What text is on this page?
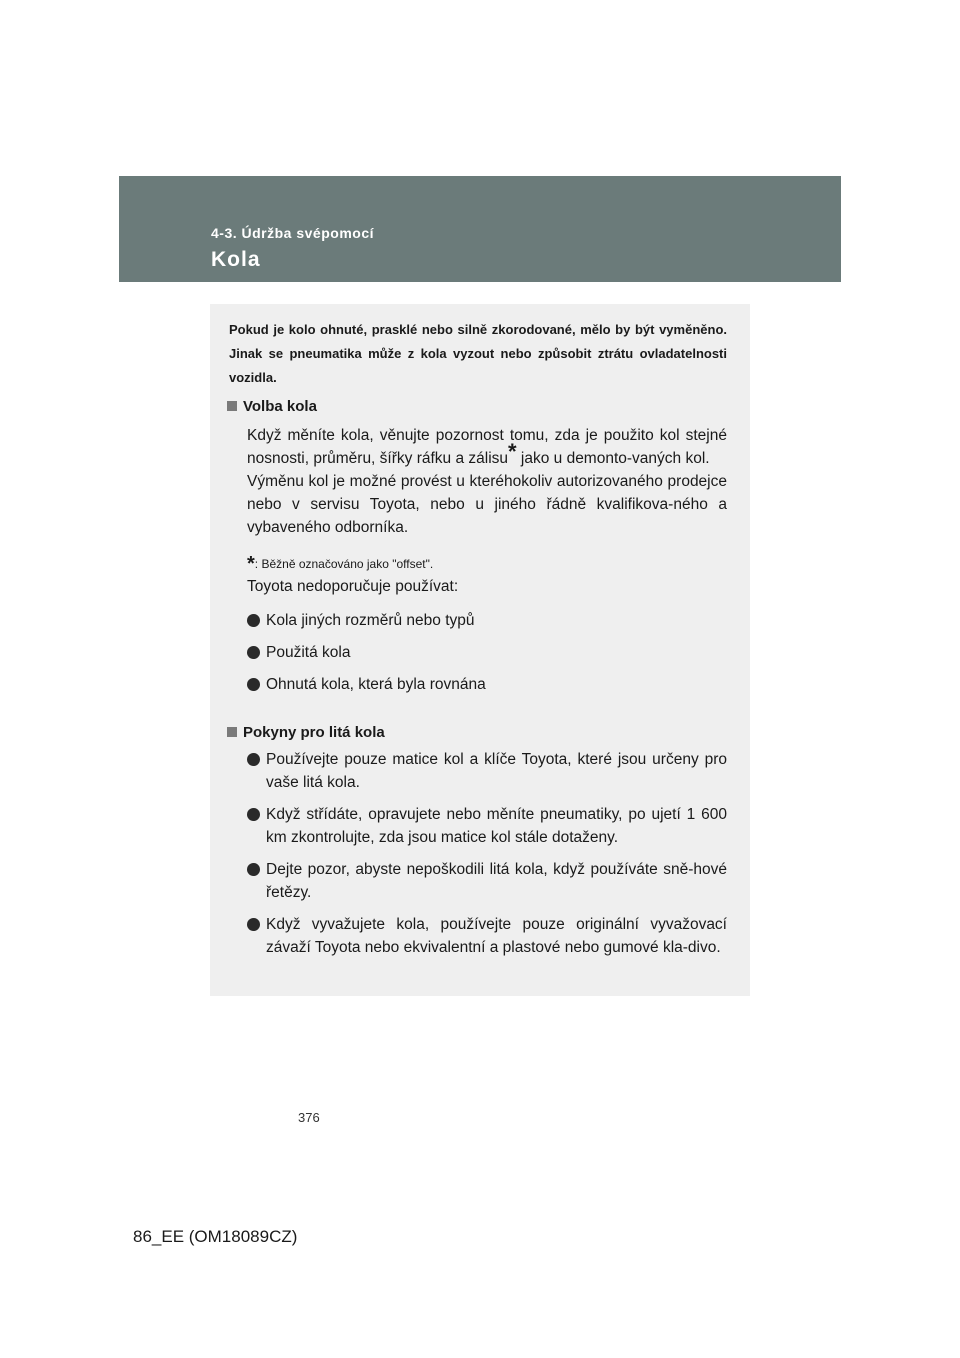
4-3. Údržba svépomocí
Kola
Pokud je kolo ohnuté, prasklé nebo silně zkorodované, mělo by být vyměněno. Jinak se pneumatika může z kola vyzout nebo způsobit ztrátu ovladatelnosti vozidla.
Volba kola
Když měníte kola, věnujte pozornost tomu, zda je použito kol stejné nosnosti, průměru, šířky ráfku a zálisu* jako u demonto-vaných kol.
Výměnu kol je možné provést u kteréhokoliv autorizovaného prodejce nebo v servisu Toyota, nebo u jiného řádně kvalifikova-ného a vybaveného odborníka.
*: Běžně označováno jako "offset".
Toyota nedoporučuje používat:
Kola jiných rozměrů nebo typů
Použitá kola
Ohnutá kola, která byla rovnána
Pokyny pro litá kola
Používejte pouze matice kol a klíče Toyota, které jsou určeny pro vaše litá kola.
Když střídáte, opravujete nebo měníte pneumatiky, po ujetí 1 600 km zkontrolujte, zda jsou matice kol stále dotaženy.
Dejte pozor, abyste nepoškodili litá kola, když používáte sně-hové řetězy.
Když vyvažujete kola, používejte pouze originální vyvažovací závaží Toyota nebo ekvivalentní a plastové nebo gumové kla-divo.
376
86_EE (OM18089CZ)
